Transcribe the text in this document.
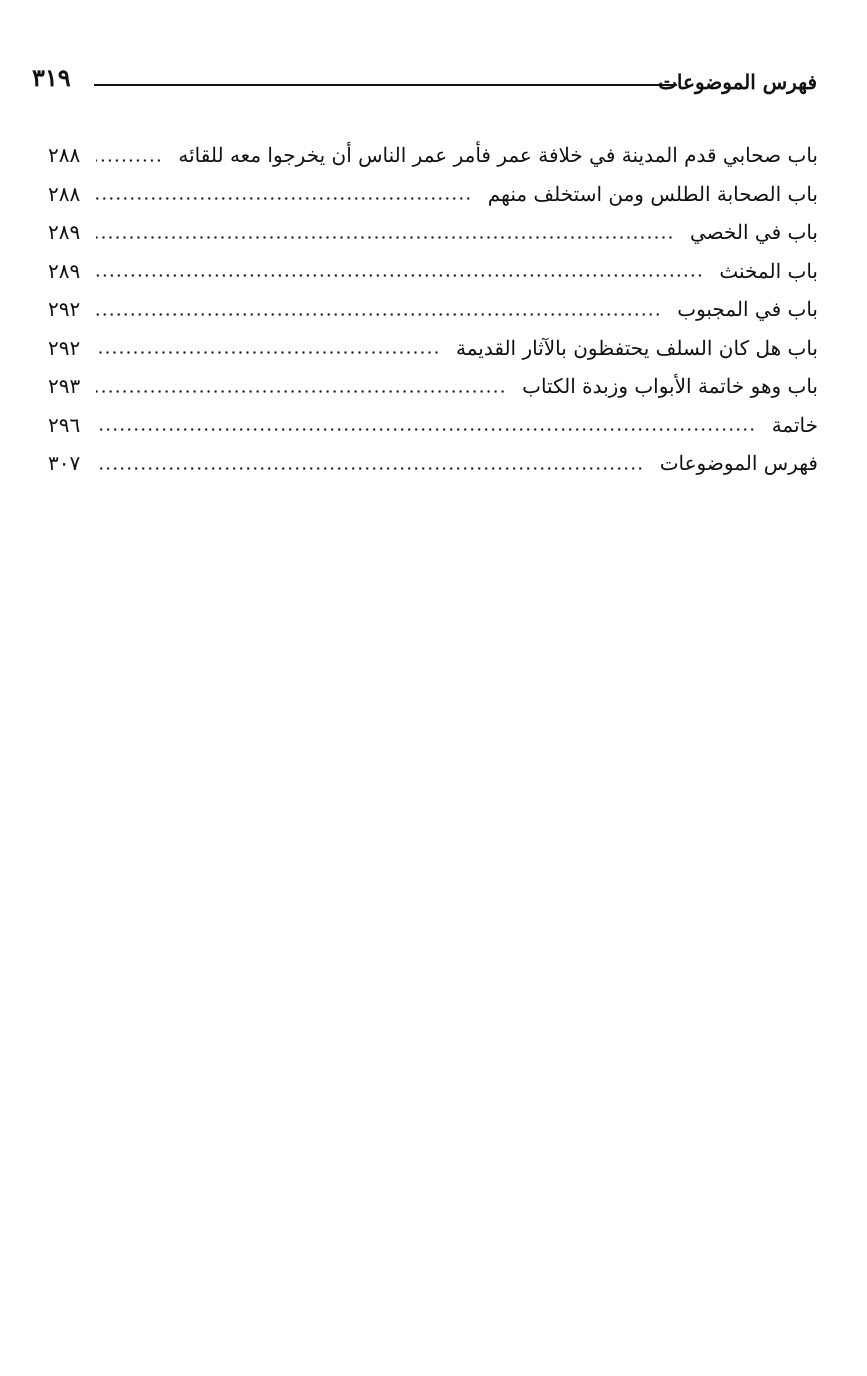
فهرس الموضوعات
٣١٩
باب صحابي قدم المدينة في خلافة عمر فأمر عمر الناس أن يخرجوا معه للقائه
٢٨٨
باب الصحابة الطلس ومن استخلف منهم
٢٨٨
باب في الخصي
٢٨٩
باب المخنث
٢٨٩
باب في المجبوب
٢٩٢
باب هل كان السلف يحتفظون بالآثار القديمة
٢٩٢
باب وهو خاتمة الأبواب وزبدة الكتاب
٢٩٣
خاتمة
٢٩٦
فهرس الموضوعات
٣٠٧
